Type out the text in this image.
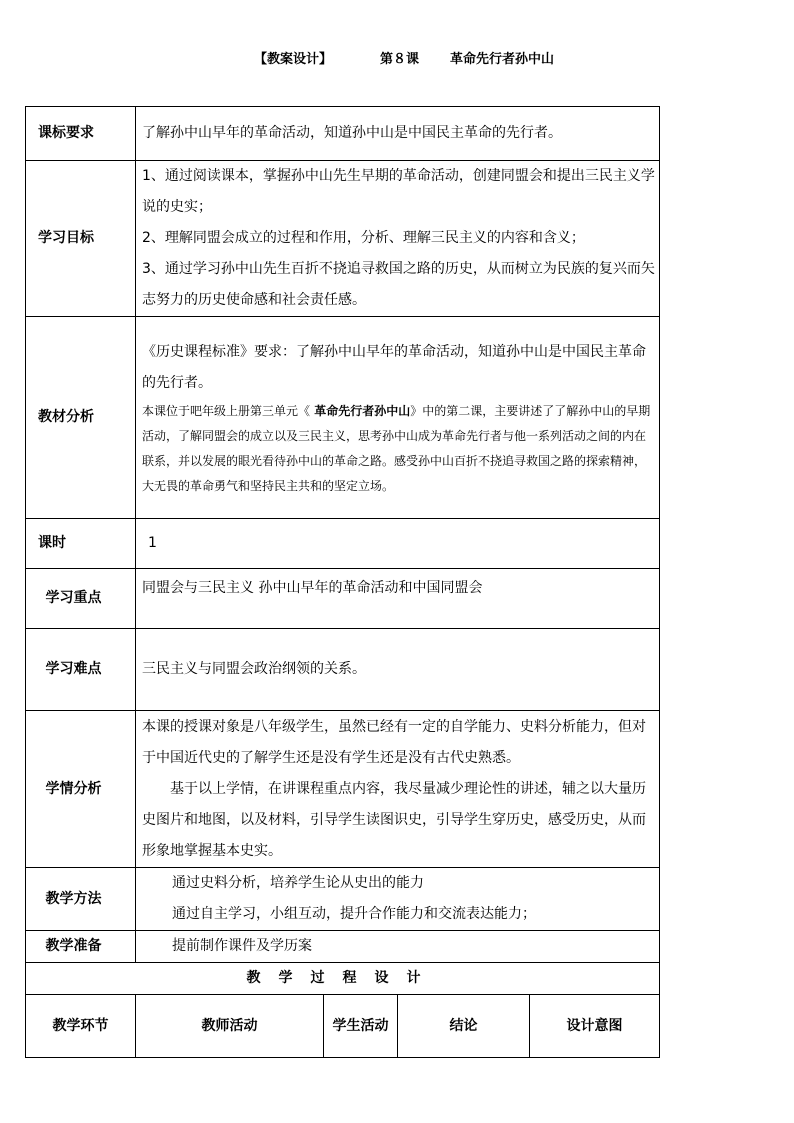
【教案设计】	第８课 革命先行者孙中山
课标要求	了解孙中山早年的革命活动，知道孙中山是中国民主革命的先行者。			
学习目标	1、通过阅读课本，掌握孙中山先生早期的革命活动，创建同盟会和提出三民主义学说的史实；
2、理解同盟会成立的过程和作用，分析、理解三民主义的内容和含义；
3、通过学习孙中山先生百折不挠追寻救国之路的历史，从而树立为民族的复兴而矢志努力的历史使命感和社会责任感。			

教材分析	《历史课程标准》要求：了解孙中山早年的革命活动，知道孙中山是中国民主革命的先行者。
本课位于吧年级上册第三单元《 革命先行者孙中山》中的第二课，主要讲述了了解孙中山的早期活动，了解同盟会的成立以及三民主义，思考孙中山成为革命先行者与他一系列活动之间的内在联系，并以发展的眼光看待孙中山的革命之路。感受孙中山百折不挠追寻救国之路的探索精神，大无畏的革命勇气和坚持民主共和的坚定立场。			

课时	1			
学习重点	同盟会与三民主义 孙中山早年的革命活动和中国同盟会			
学习难点	三民主义与同盟会政治纲领的关系。			
学情分析	本课的授课对象是八年级学生，虽然已经有一定的自学能力、史料分析能力，但对于中国近代史的了解学生还是没有学生还是没有古代史熟悉。
基于以上学情，在讲课程重点内容，我尽量减少理论性的讲述，辅之以大量历史图片和地图，以及材料，引导学生读图识史，引导学生穿历史，感受历史，从而形象地掌握基本史实。			

教学方法	通过史料分析，培养学生论从史出的能力
通过自主学习，小组互动，提升合作能力和交流表达能力；			

教学准备	提前制作课件及学历案			
教学过程设计				
教学环节	教师活动	学生活动	结论	设计意图
